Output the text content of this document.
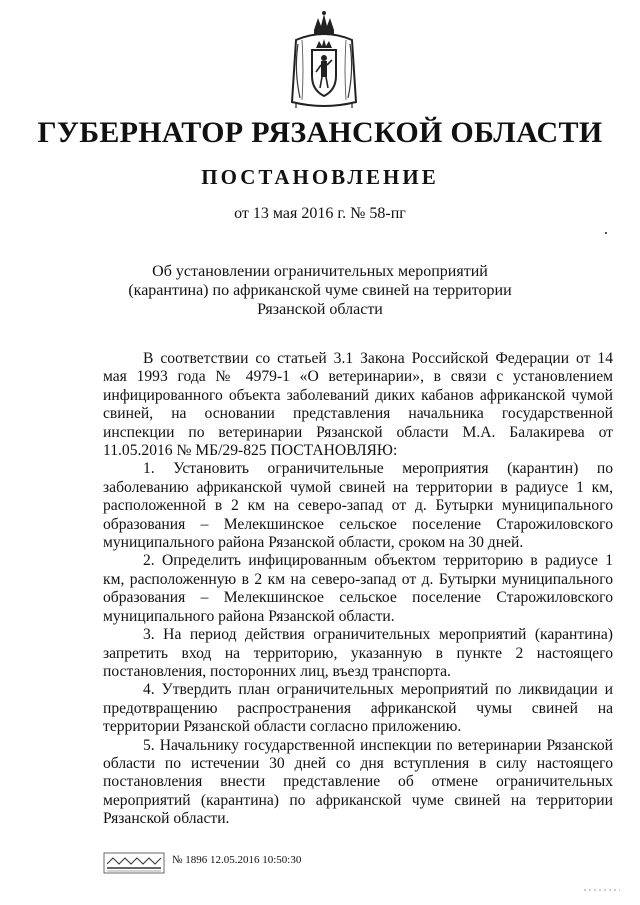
ГУБЕРНАТОР РЯЗАНСКОЙ ОБЛАСТИ
ПОСТАНОВЛЕНИЕ
от 13 мая 2016 г. № 58-пг
Об установлении ограничительных мероприятий
(карантина) по африканской чуме свиней на территории
Рязанской области

В соответствии со статьей 3.1 Закона Российской Федерации от 14 мая 1993 года № 4979-1 «О ветеринарии», в связи с установлением инфицированного объекта заболеваний диких кабанов африканской чумой свиней, на основании представления начальника государственной инспекции по ветеринарии Рязанской области М.А. Балакирева от 11.05.2016 № МБ/29-825 ПОСТАНОВЛЯЮ:

1. Установить ограничительные мероприятия (карантин) по заболеванию африканской чумой свиней на территории в радиусе 1 км, расположенной в 2 км на северо-запад от д. Бутырки муниципального образования – Мелекшинское сельское поселение Старожиловского муниципального района Рязанской области, сроком на 30 дней.

2. Определить инфицированным объектом территорию в радиусе 1 км, расположенную в 2 км на северо-запад от д. Бутырки муниципального образования – Мелекшинское сельское поселение Старожиловского муниципального района Рязанской области.

3. На период действия ограничительных мероприятий (карантина) запретить вход на территорию, указанную в пункте 2 настоящего постановления, посторонних лиц, въезд транспорта.

4. Утвердить план ограничительных мероприятий по ликвидации и предотвращению распространения африканской чумы свиней на территории Рязанской области согласно приложению.

5. Начальнику государственной инспекции по ветеринарии Рязанской области по истечении 30 дней со дня вступления в силу настоящего постановления внести представление об отмене ограничительных мероприятий (карантина) по африканской чуме свиней на территории Рязанской области.

№ 1896 12.05.2016 10:50:30
